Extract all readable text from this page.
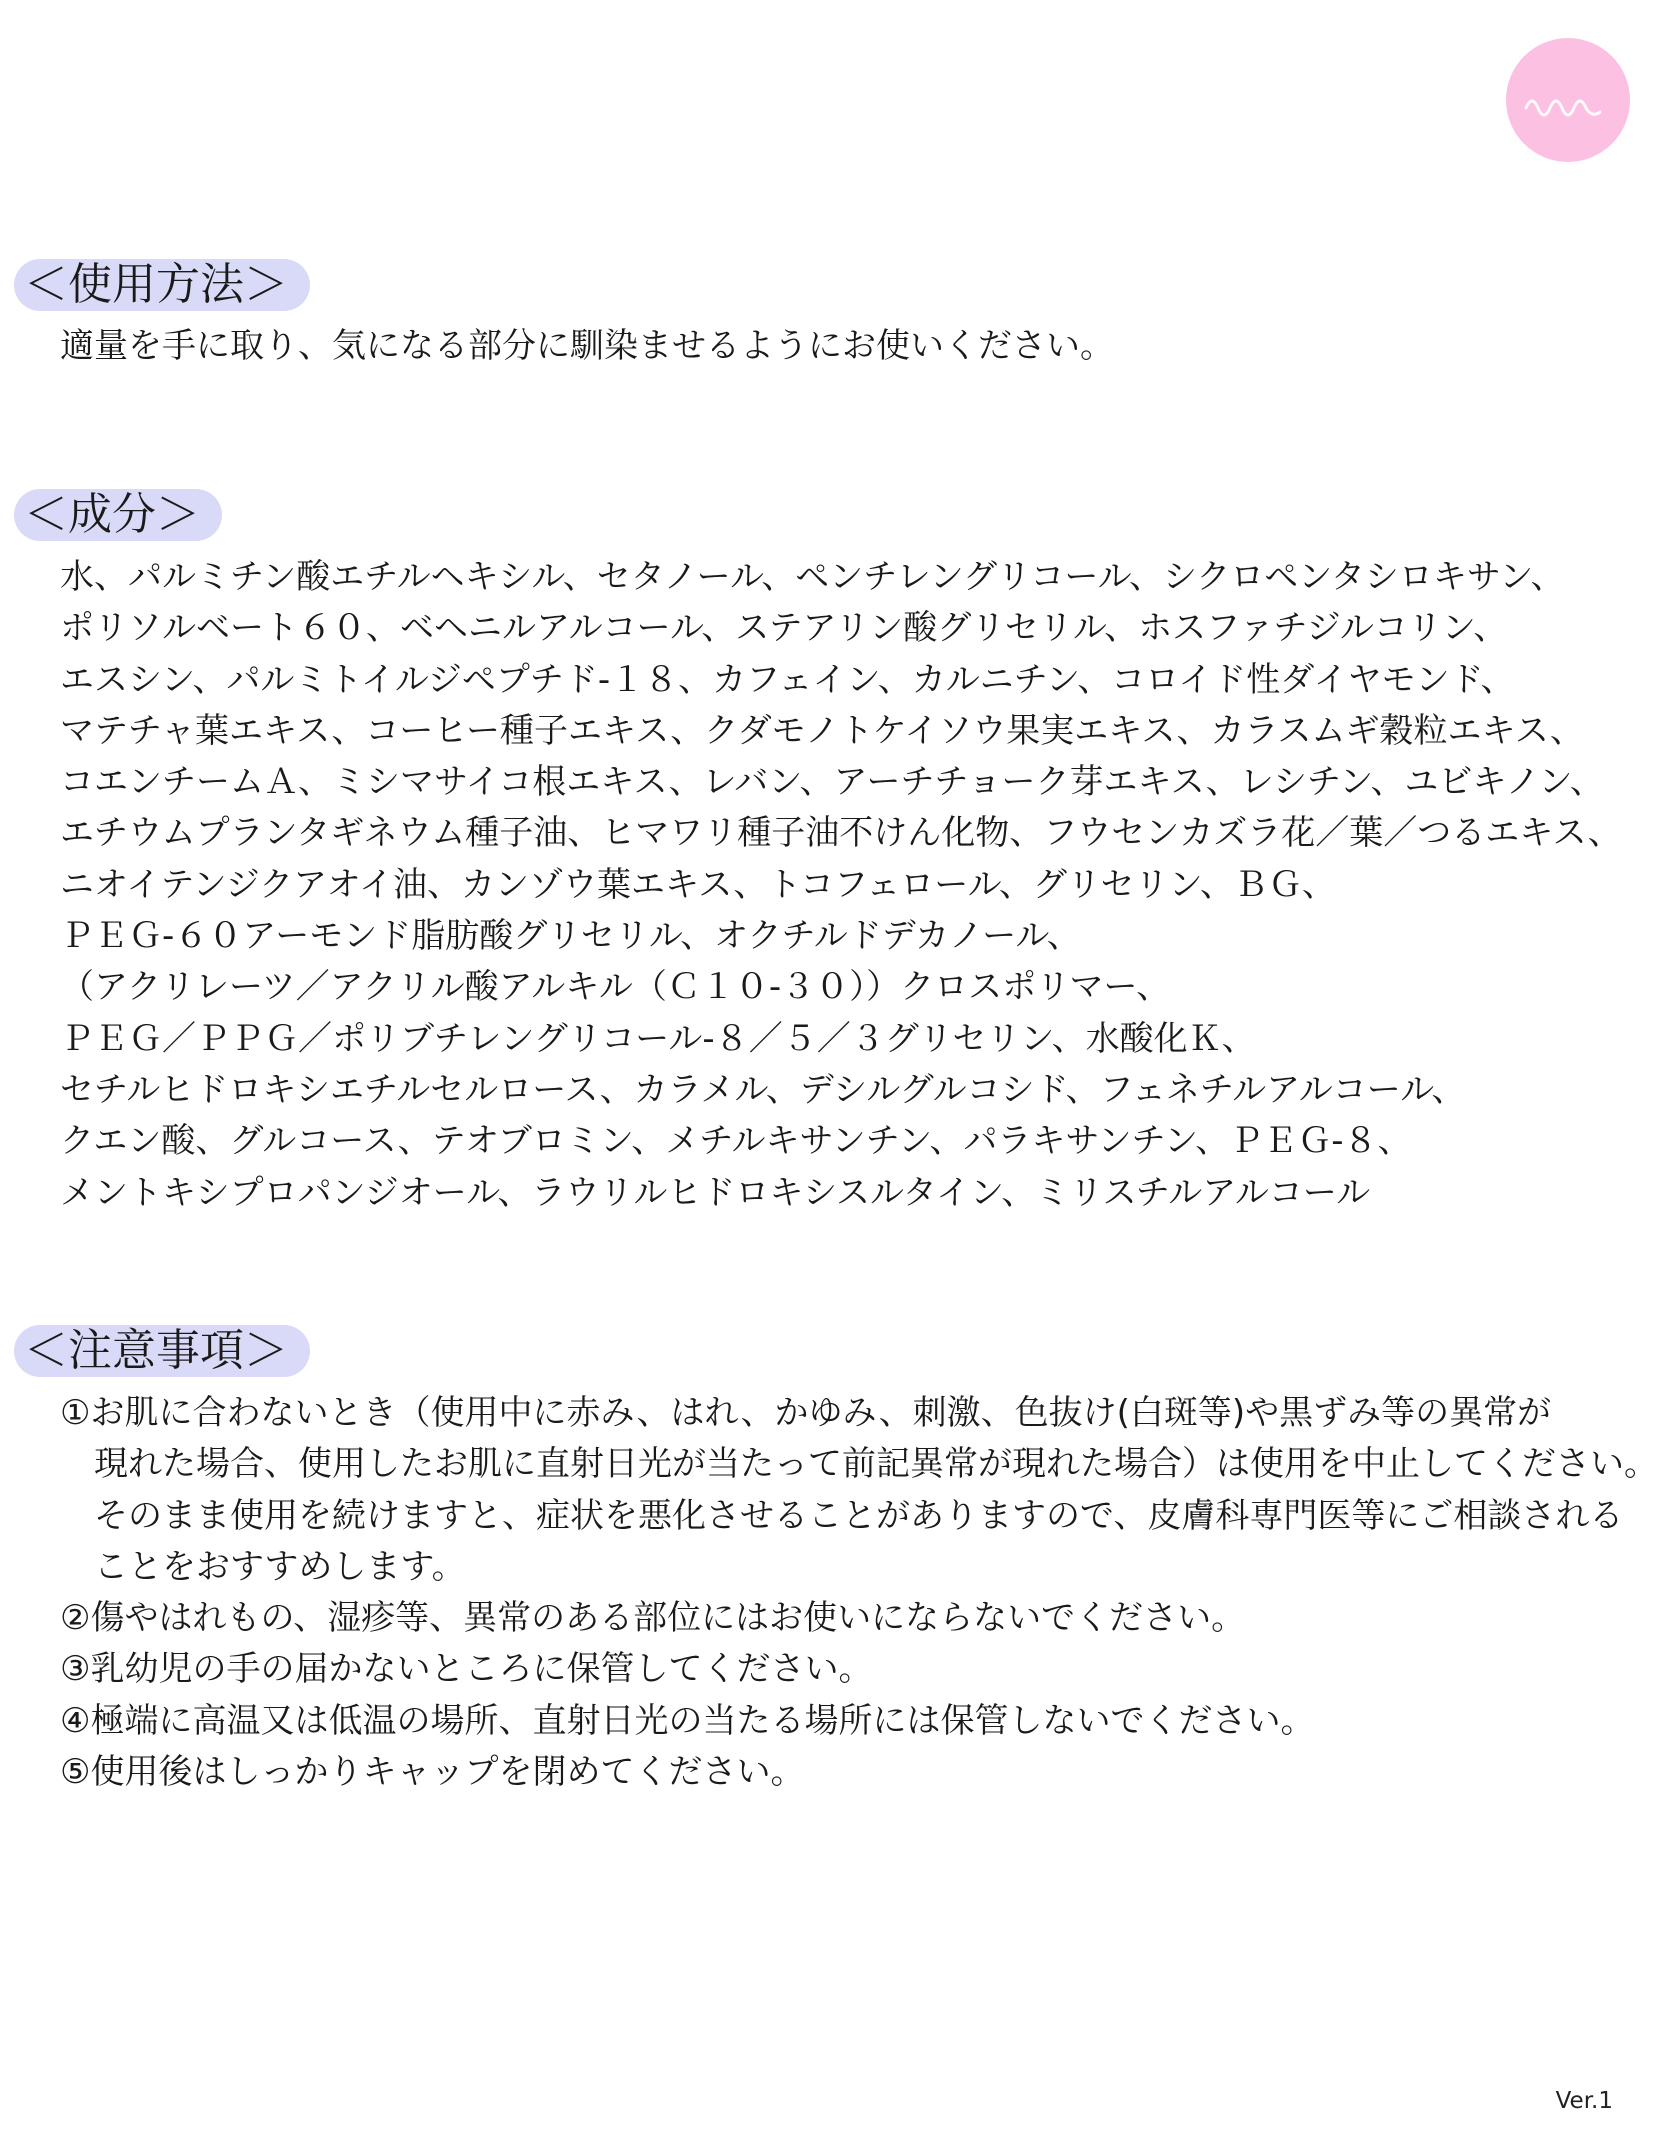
＜使用方法＞
適量を手に取り、気になる部分に馴染ませるようにお使いください。
＜成分＞
水、パルミチン酸エチルヘキシル、セタノール、ペンチレングリコール、シクロペンタシロキサン、
ポリソルベート６０、ベヘニルアルコール、ステアリン酸グリセリル、ホスファチジルコリン、
エスシン、パルミトイルジペプチド-１８、カフェイン、カルニチン、コロイド性ダイヤモンド、
マテチャ葉エキス、コーヒー種子エキス、クダモノトケイソウ果実エキス、カラスムギ穀粒エキス、
コエンチームＡ、ミシマサイコ根エキス、レバン、アーチチョーク芽エキス、レシチン、ユビキノン、
エチウムプランタギネウム種子油、ヒマワリ種子油不けん化物、フウセンカズラ花／葉／つるエキス、
ニオイテンジクアオイ油、カンゾウ葉エキス、トコフェロール、グリセリン、ＢＧ、
ＰＥＧ-６０アーモンド脂肪酸グリセリル、オクチルドデカノール、
（アクリレーツ／アクリル酸アルキル（Ｃ１０-３０））クロスポリマー、
ＰＥＧ／ＰＰＧ／ポリブチレングリコール-８／５／３グリセリン、水酸化Ｋ、
セチルヒドロキシエチルセルロース、カラメル、デシルグルコシド、フェネチルアルコール、
クエン酸、グルコース、テオブロミン、メチルキサンチン、パラキサンチン、ＰＥＧ-８、
メントキシプロパンジオール、ラウリルヒドロキシスルタイン、ミリスチルアルコール
＜注意事項＞
①お肌に合わないとき（使用中に赤み、はれ、かゆみ、刺激、色抜け(白斑等)や黒ずみ等の異常が
現れた場合、使用したお肌に直射日光が当たって前記異常が現れた場合）は使用を中止してください。
そのまま使用を続けますと、症状を悪化させることがありますので、皮膚科専門医等にご相談される
ことをおすすめします。
②傷やはれもの、湿疹等、異常のある部位にはお使いにならないでください。
③乳幼児の手の届かないところに保管してください。
④極端に高温又は低温の場所、直射日光の当たる場所には保管しないでください。
⑤使用後はしっかりキャップを閉めてください。
Ver.1
